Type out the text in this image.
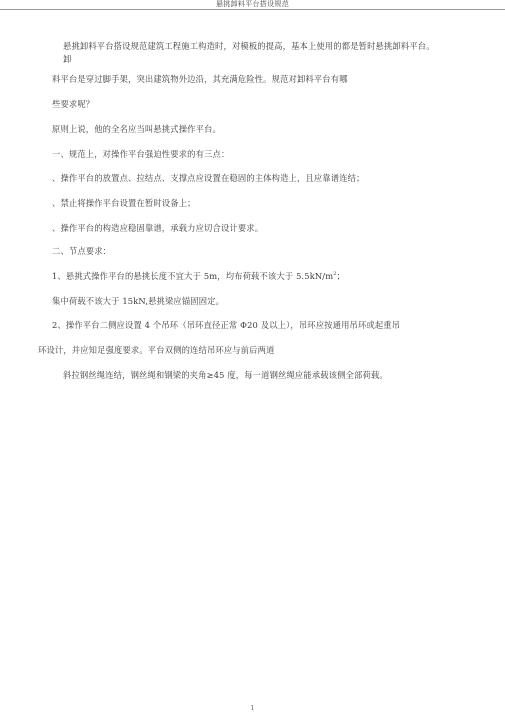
悬挑卸料平台搭设规范
悬挑卸料平台搭设规范建筑工程施工构造时，对模板的提高，基本上使用的都是暂时悬挑卸料平台。
卸
料平台是穿过脚手架，突出建筑物外边沿，其充满危险性。规范对卸料平台有哪
些要求呢？
原则上说，他的全名应当叫悬挑式操作平台。
一、规范上，对操作平台强迫性要求的有三点：
、操作平台的放置点、拉结点、支撑点应设置在稳固的主体构造上，且应靠谱连结；
、禁止将操作平台设置在暂时设备上；
、操作平台的构造应稳固靠谱，承载力应切合设计要求。
二、节点要求：
1、悬挑式操作平台的悬挑长度不宜大于 5m，均布荷载不该大于 $5.5kN/m^2$；
集中荷载不该大于 15kN,悬挑梁应锚固固定。
2、操作平台二侧应设置 4 个吊环（吊环直径正常 Φ20 及以上），吊环应按通用吊环或起重吊
环设计，并应知足强度要求。平台双侧的连结吊环应与前后两道
斜拉钢丝绳连结，钢丝绳和钢梁的夹角≥45 度，每一道钢丝绳应能承载该侧全部荷载。
1
